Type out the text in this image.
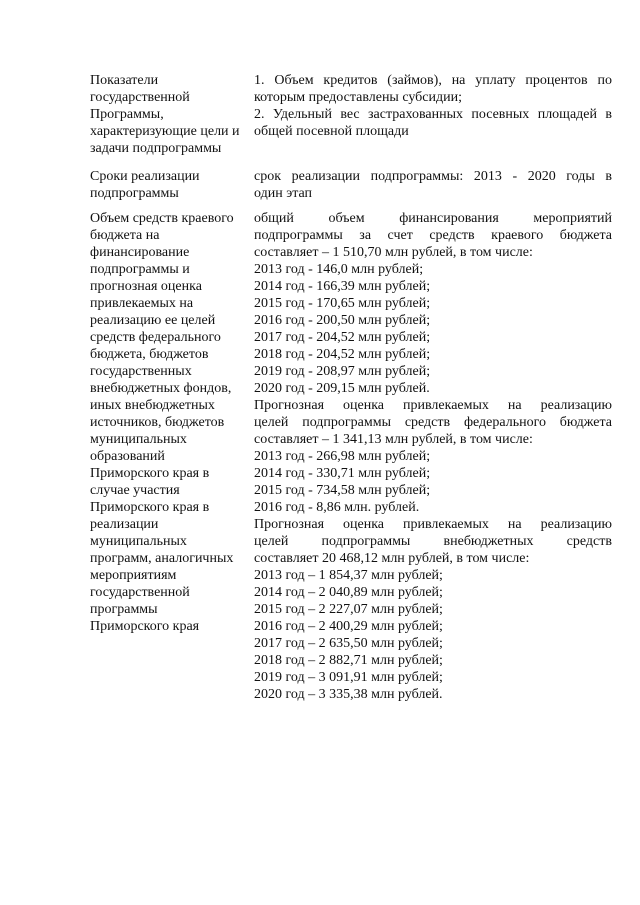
Показатели
государственной
Программы,
характеризующие цели и
задачи подпрограммы
1. Объем кредитов (займов), на уплату процентов по
которым предоставлены субсидии;
2. Удельный вес застрахованных посевных площадей в
общей посевной площади
Сроки реализации
подпрограммы
срок реализации подпрограммы: 2013 - 2020 годы в
один этап
Объем средств краевого
бюджета на
финансирование
подпрограммы и
прогнозная оценка
привлекаемых на
реализацию ее целей
средств федерального
бюджета, бюджетов
государственных
внебюджетных фондов,
иных внебюджетных
источников, бюджетов
муниципальных
образований
Приморского края в
случае участия
Приморского края в
реализации
муниципальных
программ, аналогичных
мероприятиям
государственной
программы
Приморского края
общий объем финансирования мероприятий
подпрограммы за счет средств краевого бюджета
составляет – 1 510,70 млн рублей, в том числе:
2013 год - 146,0 млн рублей;
2014 год - 166,39 млн рублей;
2015 год - 170,65 млн рублей;
2016 год - 200,50 млн рублей;
2017 год - 204,52 млн рублей;
2018 год - 204,52 млн рублей;
2019 год - 208,97 млн рублей;
2020 год - 209,15 млн рублей.
Прогнозная оценка привлекаемых на реализацию
целей подпрограммы средств федерального бюджета
составляет – 1 341,13 млн рублей, в том числе:
2013 год - 266,98 млн рублей;
2014 год - 330,71 млн рублей;
2015 год - 734,58 млн рублей;
2016 год - 8,86 млн. рублей.
Прогнозная оценка привлекаемых на реализацию
целей подпрограммы внебюджетных средств
составляет 20 468,12 млн рублей, в том числе:
2013 год – 1 854,37 млн рублей;
2014 год – 2 040,89 млн рублей;
2015 год – 2 227,07 млн рублей;
2016 год – 2 400,29 млн рублей;
2017 год – 2 635,50 млн рублей;
2018 год – 2 882,71 млн рублей;
2019 год – 3 091,91 млн рублей;
2020 год – 3 335,38 млн рублей.
